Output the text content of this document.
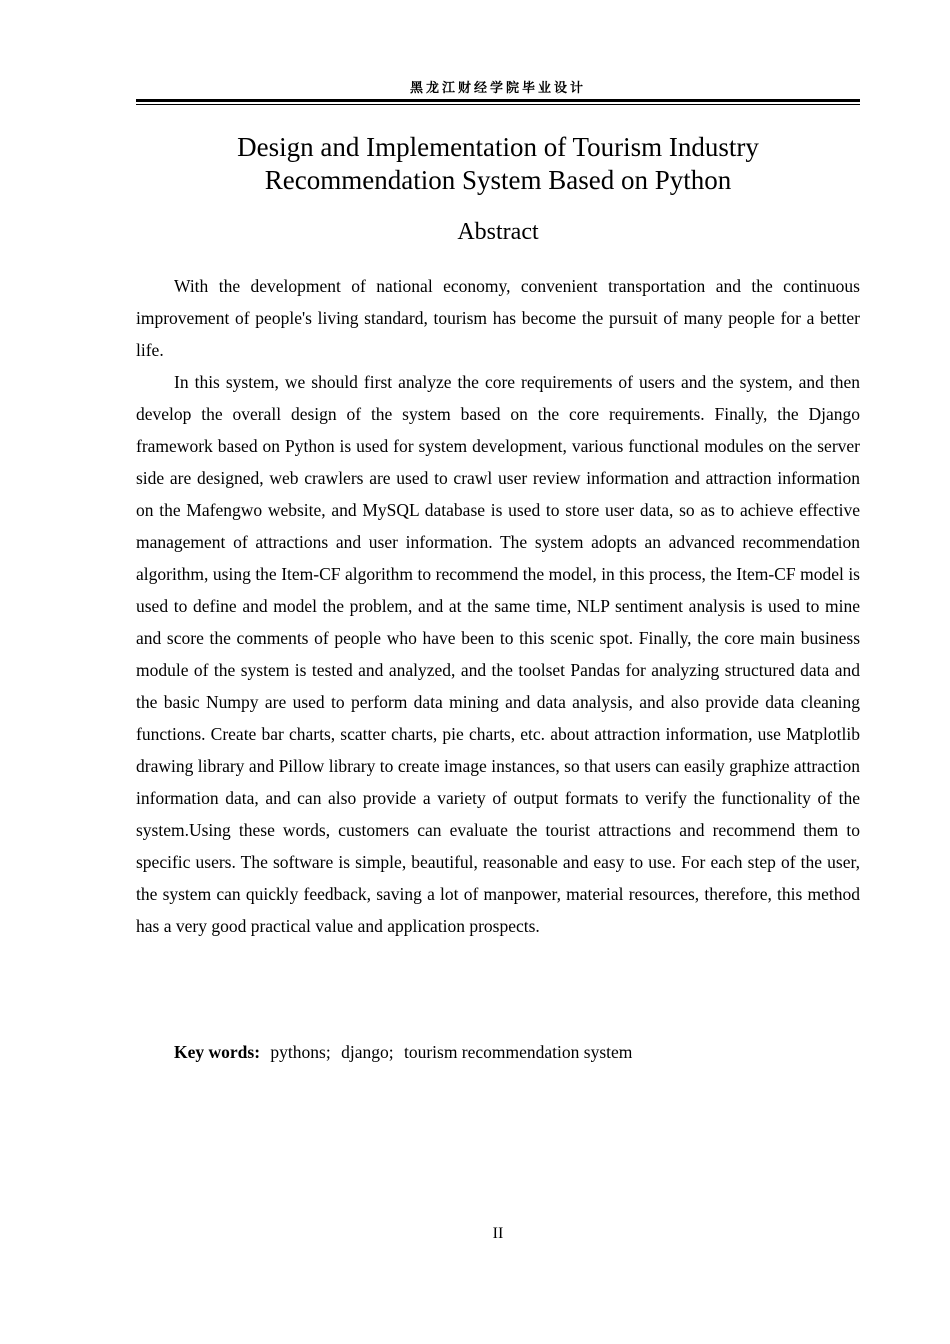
黑龙江财经学院毕业设计
Design and Implementation of Tourism Industry
Recommendation System Based on Python
Abstract

With the development of national economy, convenient transportation and the continuous improvement of people's living standard, tourism has become the pursuit of many people for a better life.

In this system, we should first analyze the core requirements of users and the system, and then develop the overall design of the system based on the core requirements. Finally, the Django framework based on Python is used for system development, various functional modules on the server side are designed, web crawlers are used to crawl user review information and attraction information on the Mafengwo website, and MySQL database is used to store user data, so as to achieve effective management of attractions and user information. The system adopts an advanced recommendation algorithm, using the Item-CF algorithm to recommend the model, in this process, the Item-CF model is used to define and model the problem, and at the same time, NLP sentiment analysis is used to mine and score the comments of people who have been to this scenic spot. Finally, the core main business module of the system is tested and analyzed, and the toolset Pandas for analyzing structured data and the basic Numpy are used to perform data mining and data analysis, and also provide data cleaning functions. Create bar charts, scatter charts, pie charts, etc. about attraction information, use Matplotlib drawing library and Pillow library to create image instances, so that users can easily graphize attraction information data, and can also provide a variety of output formats to verify the functionality of the system.Using these words, customers can evaluate the tourist attractions and recommend them to specific users. The software is simple, beautiful, reasonable and easy to use. For each step of the user, the system can quickly feedback, saving a lot of manpower, material resources, therefore, this method has a very good practical value and application prospects.

Key words: pythons; django; tourism recommendation system
II
